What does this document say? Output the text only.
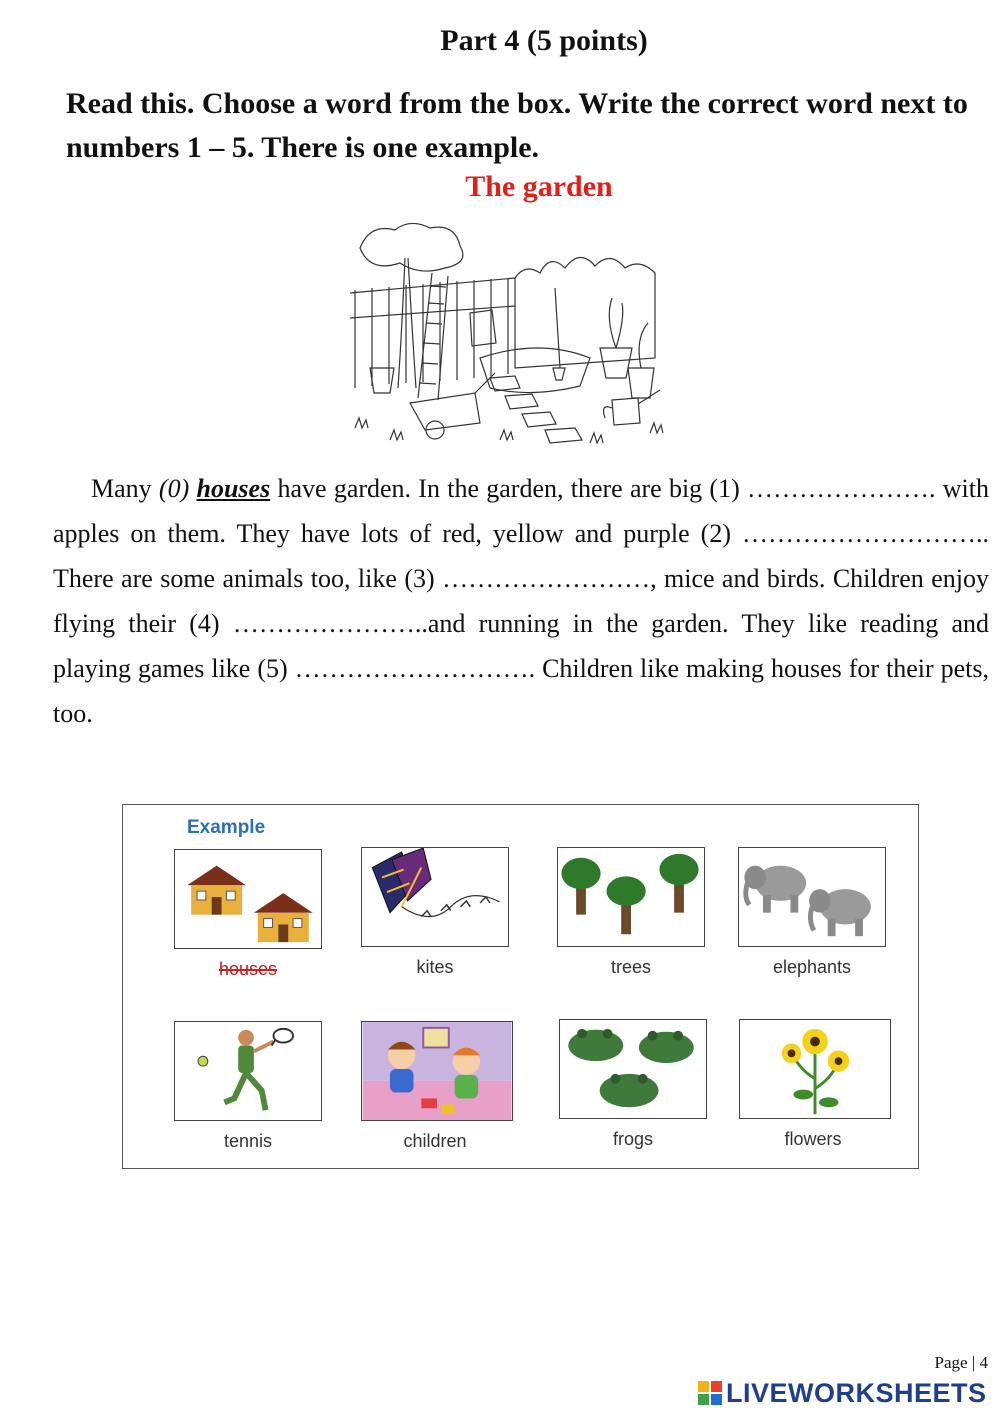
Part 4 (5 points)
Read this. Choose a word from the box. Write the correct word next to numbers 1 – 5. There is one example.
The garden
Many (0) houses have garden. In the garden, there are big (1) …………………. with apples on them. They have lots of red, yellow and purple (2) ……………………….. There are some animals too, like (3) ……………………, mice and birds. Children enjoy flying their (4) …………………..and running in the garden. They like reading and playing games like (5) ………………………. Children like making houses for their pets, too.
Example
houses	kites	trees	elephants
tennis	children	frogs	flowers
Page | 4
LIVEWORKSHEETS
